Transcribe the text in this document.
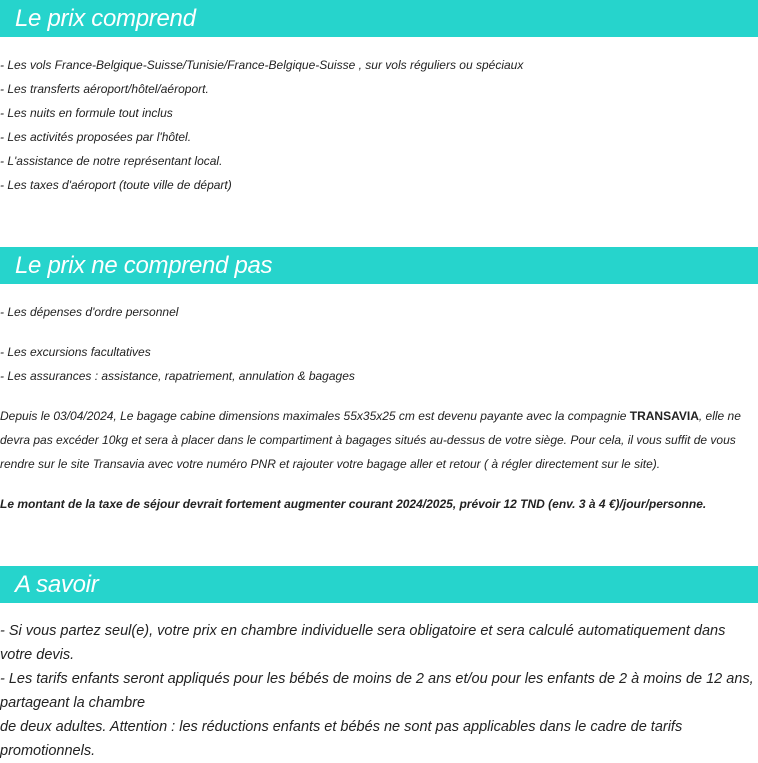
Le prix comprend
- Les vols France-Belgique-Suisse/Tunisie/France-Belgique-Suisse , sur vols réguliers ou spéciaux
- Les transferts aéroport/hôtel/aéroport.
- Les nuits en formule tout inclus
- Les activités proposées par l'hôtel.
- L'assistance de notre représentant local.
- Les taxes d'aéroport (toute ville de départ)
Le prix ne comprend pas
- Les dépenses d'ordre personnel
- Les excursions facultatives
- Les assurances : assistance, rapatriement, annulation & bagages
Depuis le 03/04/2024, Le bagage cabine dimensions maximales 55x35x25 cm est devenu payante avec la compagnie TRANSAVIA, elle ne devra pas excéder 10kg et sera à placer dans le compartiment à bagages situés au-dessus de votre siège. Pour cela, il vous suffit de vous rendre sur le site Transavia avec votre numéro PNR et rajouter votre bagage aller et retour ( à régler directement sur le site).
Le montant de la taxe de séjour devrait fortement augmenter courant 2024/2025, prévoir 12 TND (env. 3 à 4 €)/jour/personne.
A savoir
- Si vous partez seul(e), votre prix en chambre individuelle sera obligatoire et sera calculé automatiquement dans votre devis.
- Les tarifs enfants seront appliqués pour les bébés de moins de 2 ans et/ou pour les enfants de 2 à moins de 12 ans, partageant la chambre
de deux adultes. Attention : les réductions enfants et bébés ne sont pas applicables dans le cadre de tarifs promotionnels.
